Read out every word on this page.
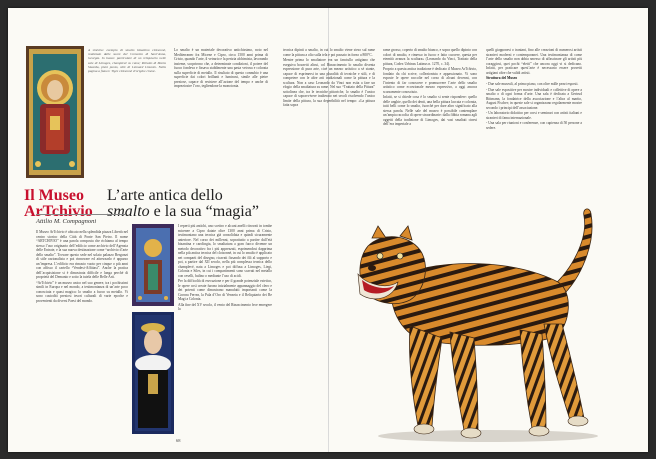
A sinistra: esempio di smalto bizantino cloisonné, realizzato dalle suore del Convento di Sant’Anna, Georgia. In basso: particolare di un reliquiario nelle sale di Limoges, champlevé su rame; Ritratto di Maria Stuarda, pieni punto, stile di Léonard Limosin. Nella pagina a fianco: Tigre cloisonné d’origine cinese.

Il Museo
ArTchivio
L’arte antica dello
smalto e la sua “magia”
Attilio M. Compagnoni

Il Museo ArTchivio è ubicato nella splendida piazza Libertà nel centro storico della Città di Ponte San Pietro. Il nome “ARTCHIVIO” è una parola composta che richiama al tempo stesso l’uso originario dell’edificio come archivio dell’Agenzia delle Entrate, e la sua nuova destinazione come “archivio d’arte dello smalto”. Trovare questo sede nel solaio palazzo Bergonzi di stile razionalista e poi rinnovare ed attrezzarlo è apparso un’impresa. L’edificio era rimasto vuoto per cinque o più anni con affisso il cartello “Vendesi-Affittasi”. Anche la pratica dell’acquisizione si è dimostrata difficile e lunga perché di proprietà del Demanio e sotto la tutela delle Belle Arti.

“ArTchivio” è un museo unico nel suo genere, tra i pochissimi simili in Europa e nel mondo, a testimonianza di un’arte poco conosciuta e quasi magica: lo smalto a fuoco su metallo. Vi sono custoditi preziosi tesori culturali di varie epoche e provenienti da diversi Paesi del mondo.

Lo smalto è un materiale decorativo antichissimo, noto nel Mediterraneo fra Micene e Cipro, circa 1500 anni prima di Cristo, quando l’arte, il vetrario e la perizia alchimista, lavorando insieme, scoprirono che, a determinate condizioni, il potere del fuoco fondeva e fissava stabilmente una pasta vetrosa e colorata sulla superficie di metallo. Il risultato di questo connubio è una superficie dai colori brillanti e luminosi, simile alle pietre preziose, capace di resistere all’azione del tempo e anche di impreziosire l’oro, tegliendone la monotonia.

I reperti più antichi, uno scettro e alcuni anelli ritrovati in tombe micenee a Cipro datate oltre 1300 anni prima di Cristo, testimoniano una tecnica già consolidata e quindi sicuramente anteriore. Nel corso dei millenni, soprattutto a partire dall’età bizantina e carolingia, lo smaltatura a gran fuoco divenne un metodo decorativo fra i più apprezzati, esprimendosi dapprima nella più antica tecnica del cloisonné, in cui lo smalto è applicato nei comparti del disegno, ricavati fissando dei fili al supporto e poi, a partire dal XII secolo, nella più complessa tecnica dello champlevé, nata a Limoges e poi diffusa a Limoges, Liegi, Colonia e Siles, in cui i compartimenti sono scavati nel metallo con ceselli, bulino o mediante l’uso di acidi.

Per la difficoltà di esecuzione e per il grande potenziale estetico, le opere così create furono inizialmente appannaggio del clero e dei potenti come dimostrano manufatti importanti come la Corona Ferrea, la Pala d’Oro di Venezia e il Reliquiario dei Re Magi a Colonia.

Alla fine del XV secolo, il vento del Rinascimento fece emergere la

68

tecnica dipinti a smalto, in cui lo smalto viene steso sul rame come la pittura a olio sulla tela e poi passato in forno a 800°C.

Mentre prima lo smaltatore era un fanciullo artigiano che eseguiva bozzetti altrui, col Rinascimento lo smalto diventa espressione di pura arte, cioè un mezzo artistico a sé stante, capace di esprimersi in una pluralità di tecniche e stili, e di competere con le altre arti tradizionali come la pittura e la scultura. Non a caso Leonardo da Vinci non esita a fare un elogio della smaltatura su rame. Nel suo “Trattato della Pittura” sottolinea che, tra le tecniche pittoriche, lo smalto è l’unico capace di sopravvivere inalterato nei secoli risolvendo l’unico limite della pittura, la sua deperibilità nel tempo: «La pittura fatta sopra

rame grosso, coperto di smalto bianco, e sopra quello dipinto con colori di smalto, e rimesso in fuoco e fatto cuocere, questa per eternità avanza la scultura» (Leonardo da Vinci, Trattato della pittura, Codex Urbinas Latinus n. 1270, c. 34).

Proprio a questa antica tradizione è dedicato il Museo ArTchivio, fondato da chi scrive, collezionista e appassionato. Vi sono esposte le opere raccolte nel corso di alcuni decenni, con l’intento di far conoscere e promuovere l’arte dello smalto artistico come eccezionale mezzo espressivo, a oggi ancora scarsamente conosciuto.

Infatti, se si chiede cosa è lo smalto si sente rispondere: quello delle unghie, quello dei denti, una bella pittura laccata e colorata, tutti belli come lo smalto, fuorché per dare altro significato alla stessa parola. Nelle sale del museo è possibile contemplare un’ampia raccolta di opere straordinarie: dalla fibbia romana agli oggetti della tradizione di Limoges, dai vasi smaltati cinesi dell’era imperiale a

quelli giapponesi o iraniani, fino alle creazioni di numerosi artisti stranieri moderni e contemporanei. Una testimonianza di come l’arte dello smalto non abbia smesso di affascinare gli artisti più coraggiosi, quei pochi “eletti” che ancora oggi vi si dedicano. Infatti, per praticare quest’arte è necessario essere provetti artigiani oltre che validi artisti.

Struttura del Museo

- Due sale museali, al primo piano, con oltre mille pezzi esposti.

- Due sale espositive per mostre individuali e collettive di opere a smalto o di ogni forma d’arte. Una sala è dedicata a Gertrud Rittmann, la fondatrice della associazione e l’altra al marito, August Fischer; in queste sale si organizzano regolarmente mostre secondo i principi dell’associazione.

- Un laboratorio didattico per corsi e seminari con artisti italiani e stranieri di fama internazionale.

- Una sala per riunioni e conferenze, con capienza di 50 persone a sedere.
